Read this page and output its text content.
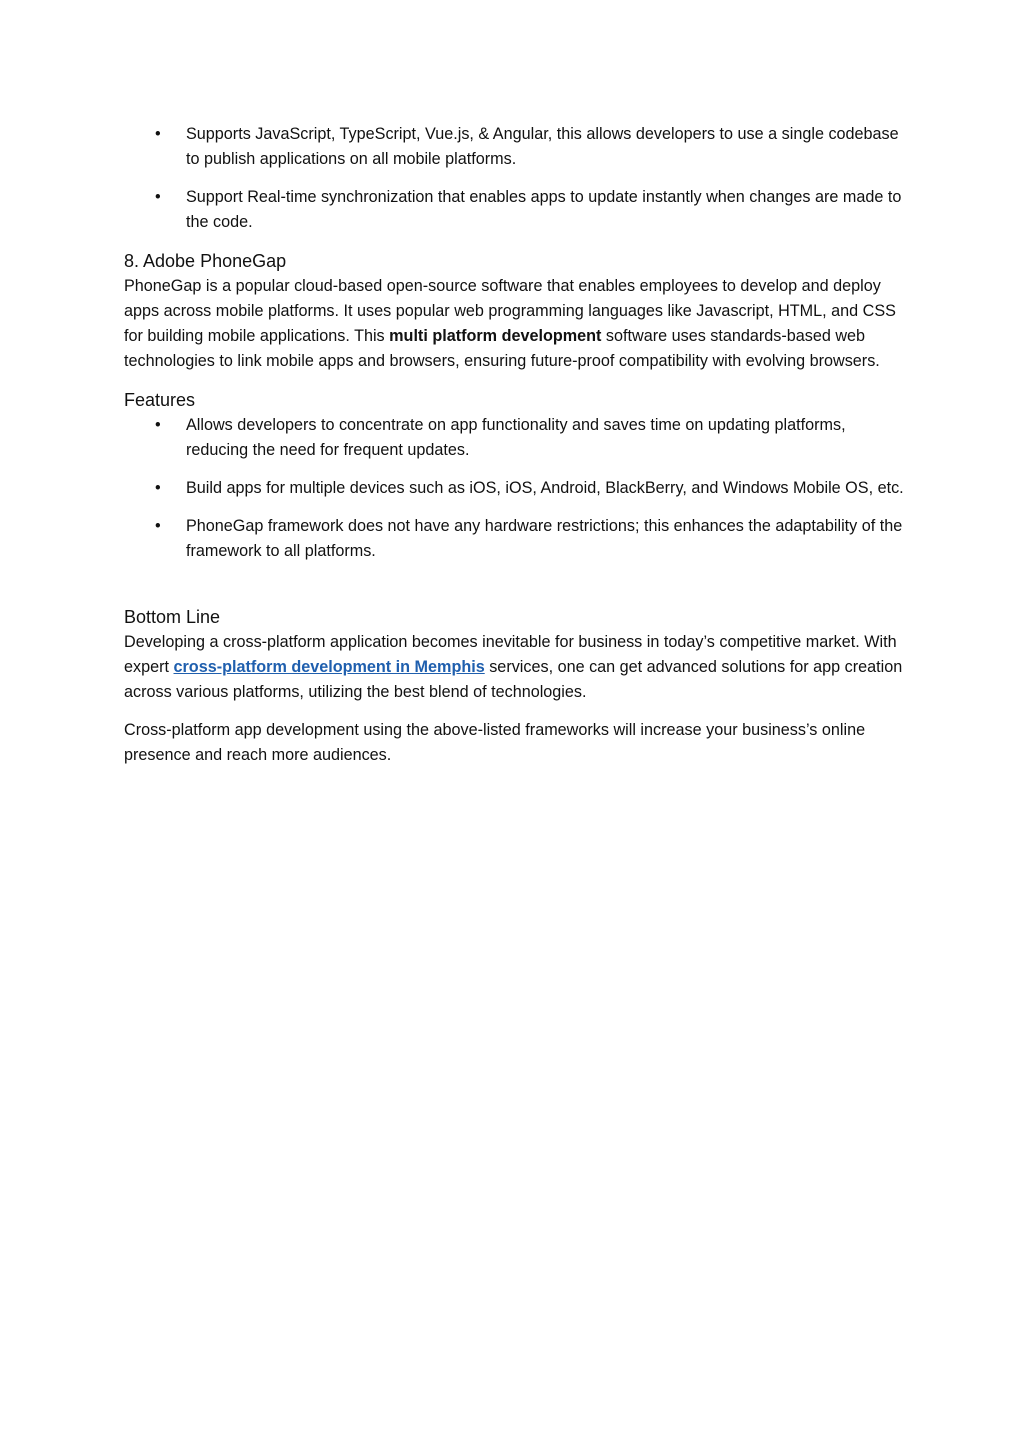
• Supports JavaScript, TypeScript, Vue.js, & Angular, this allows developers to use a single codebase to publish applications on all mobile platforms.
• Support Real-time synchronization that enables apps to update instantly when changes are made to the code.
8. Adobe PhoneGap

PhoneGap is a popular cloud-based open-source software that enables employees to develop and deploy apps across mobile platforms. It uses popular web programming languages like Javascript, HTML, and CSS for building mobile applications. This multi platform development software uses standards-based web technologies to link mobile apps and browsers, ensuring future-proof compatibility with evolving browsers.

Features
• Allows developers to concentrate on app functionality and saves time on updating platforms, reducing the need for frequent updates.
• Build apps for multiple devices such as iOS, iOS, Android, BlackBerry, and Windows Mobile OS, etc.
• PhoneGap framework does not have any hardware restrictions; this enhances the adaptability of the framework to all platforms.
Bottom Line

Developing a cross-platform application becomes inevitable for business in today’s competitive market. With expert cross-platform development in Memphis services, one can get advanced solutions for app creation across various platforms, utilizing the best blend of technologies.

Cross-platform app development using the above-listed frameworks will increase your business’s online presence and reach more audiences.
